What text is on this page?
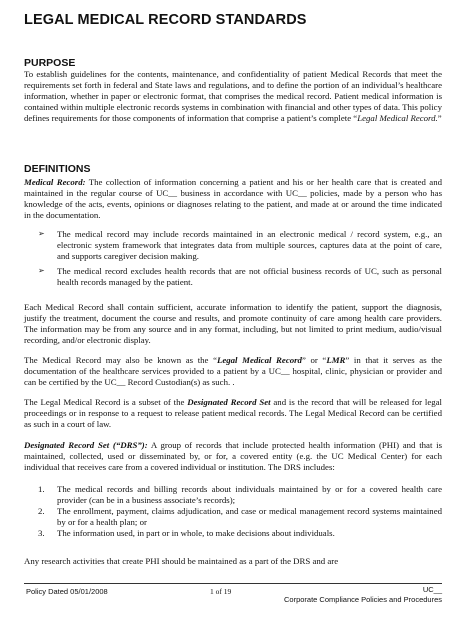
LEGAL MEDICAL RECORD STANDARDS
PURPOSE

To establish guidelines for the contents, maintenance, and confidentiality of patient Medical Records that meet the requirements set forth in federal and State laws and regulations, and to define the portion of an individual’s healthcare information, whether in paper or electronic format, that comprises the medical record. Patient medical information is contained within multiple electronic records systems in combination with financial and other types of data. This policy defines requirements for those components of information that comprise a patient’s complete “Legal Medical Record.”

DEFINITIONS

Medical Record: The collection of information concerning a patient and his or her health care that is created and maintained in the regular course of UC__ business in accordance with UC__ policies, made by a person who has knowledge of the acts, events, opinions or diagnoses relating to the patient, and made at or around the time indicated in the documentation.

➢ The medical record may include records maintained in an electronic medical / record system, e.g., an electronic system framework that integrates data from multiple sources, captures data at the point of care, and supports caregiver decision making.
➢ The medical record excludes health records that are not official business records of UC, such as personal health records managed by the patient.

Each Medical Record shall contain sufficient, accurate information to identify the patient, support the diagnosis, justify the treatment, document the course and results, and promote continuity of care among health care providers. The information may be from any source and in any format, including, but not limited to print medium, audio/visual recording, and/or electronic display.

The Medical Record may also be known as the “Legal Medical Record” or “LMR” in that it serves as the documentation of the healthcare services provided to a patient by a UC__ hospital, clinic, physician or provider and can be certified by the UC__ Record Custodian(s) as such. .

The Legal Medical Record is a subset of the Designated Record Set and is the record that will be released for legal proceedings or in response to a request to release patient medical records. The Legal Medical Record can be certified as such in a court of law.

Designated Record Set (“DRS”): A group of records that include protected health information (PHI) and that is maintained, collected, used or disseminated by, or for, a covered entity (e.g. the UC Medical Center) for each individual that receives care from a covered individual or institution. The DRS includes:

1. The medical records and billing records about individuals maintained by or for a covered health care provider (can be in a business associate’s records);
2. The enrollment, payment, claims adjudication, and case or medical management record systems maintained by or for a health plan; or
3. The information used, in part or in whole, to make decisions about individuals.

Any research activities that create PHI should be maintained as a part of the DRS and are

Policy Dated 05/01/2008	1 of 19	UC__
Corporate Compliance Policies and Procedures
